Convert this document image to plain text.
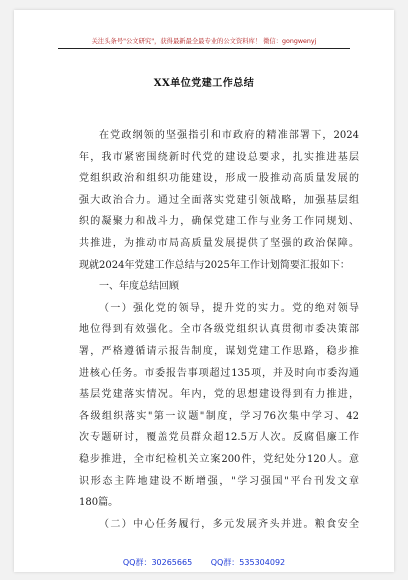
关注头条号"公文研究"，获得最新最全最专业的公文资料库！ 微信：gongwenyj
XX单位党建工作总结
在党政纲领的坚强指引和市政府的精准部署下，2024
年，我市紧密围绕新时代党的建设总要求，扎实推进基层
党组织政治和组织功能建设，形成一股推动高质量发展的
强大政治合力。通过全面落实党建引领战略，加强基层组
织的凝聚力和战斗力，确保党建工作与业务工作同规划、
共推进，为推动市局高质量发展提供了坚强的政治保障。
现就2024年党建工作总结与2025年工作计划简要汇报如下：
一、年度总结回顾
（一）强化党的领导，提升党的实力。党的绝对领导
地位得到有效强化。全市各级党组织认真贯彻市委决策部
署，严格遵循请示报告制度，谋划党建工作思路，稳步推
进核心任务。市委报告事项超过135项，并及时向市委沟通
基层党建落实情况。年内，党的思想建设得到有力推进，
各级组织落实"第一议题"制度，学习76次集中学习、42
次专题研讨，覆盖党员群众超12.5万人次。反腐倡廉工作
稳步推进，全市纪检机关立案200件，党纪处分120人。意
识形态主阵地建设不断增强，"学习强国"平台刊发文章
180篇。
（二）中心任务履行，多元发展齐头并进。粮食安全
QQ群：30265665 QQ群：535304092
